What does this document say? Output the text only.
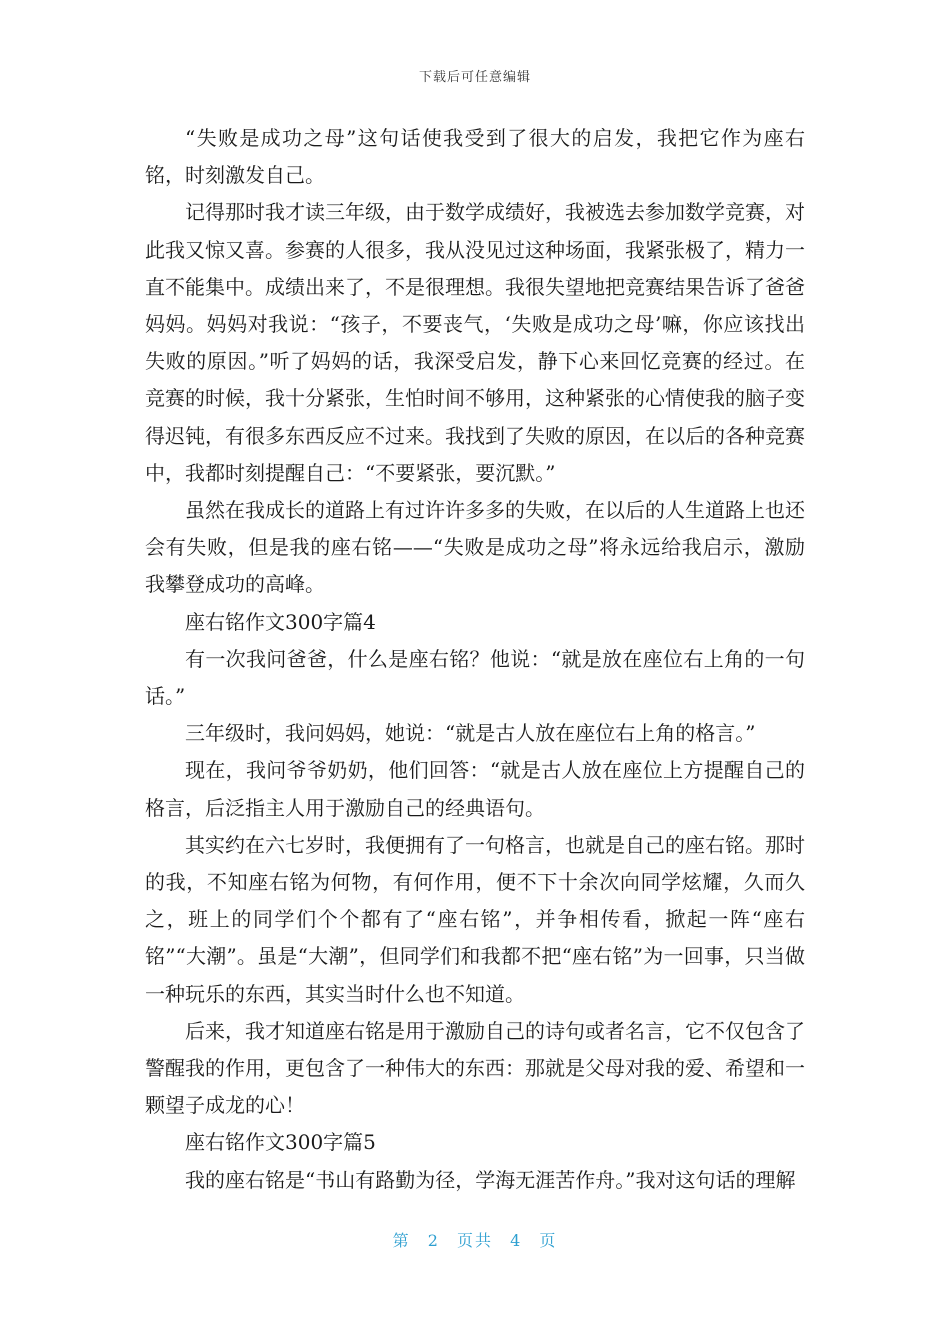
下载后可任意编辑

“失败是成功之母”这句话使我受到了很大的启发，我把它作为座右铭，时刻激发自己。

记得那时我才读三年级，由于数学成绩好，我被选去参加数学竞赛，对此我又惊又喜。参赛的人很多，我从没见过这种场面，我紧张极了，精力一直不能集中。成绩出来了，不是很理想。我很失望地把竞赛结果告诉了爸爸妈妈。妈妈对我说：“孩子，不要丧气，‘失败是成功之母’嘛，你应该找出失败的原因。”听了妈妈的话，我深受启发，静下心来回忆竞赛的经过。在竞赛的时候，我十分紧张，生怕时间不够用，这种紧张的心情使我的脑子变得迟钝，有很多东西反应不过来。我找到了失败的原因，在以后的各种竞赛中，我都时刻提醒自己：“不要紧张，要沉默。”

虽然在我成长的道路上有过许许多多的失败，在以后的人生道路上也还会有失败，但是我的座右铭——“失败是成功之母”将永远给我启示，激励我攀登成功的高峰。

座右铭作文300字篇4

有一次我问爸爸，什么是座右铭？他说：“就是放在座位右上角的一句话。”

三年级时，我问妈妈，她说：“就是古人放在座位右上角的格言。”

现在，我问爷爷奶奶，他们回答：“就是古人放在座位上方提醒自己的格言，后泛指主人用于激励自己的经典语句。

其实约在六七岁时，我便拥有了一句格言，也就是自己的座右铭。那时的我，不知座右铭为何物，有何作用，便不下十余次向同学炫耀，久而久之，班上的同学们个个都有了“座右铭”，并争相传看，掀起一阵“座右铭”“大潮”。虽是“大潮”，但同学们和我都不把“座右铭”为一回事，只当做一种玩乐的东西，其实当时什么也不知道。

后来，我才知道座右铭是用于激励自己的诗句或者名言，它不仅包含了警醒我的作用，更包含了一种伟大的东西：那就是父母对我的爱、希望和一颗望子成龙的心！

座右铭作文300字篇5

我的座右铭是“书山有路勤为径，学海无涯苦作舟。”我对这句话的理解

第 2 页共 4 页
